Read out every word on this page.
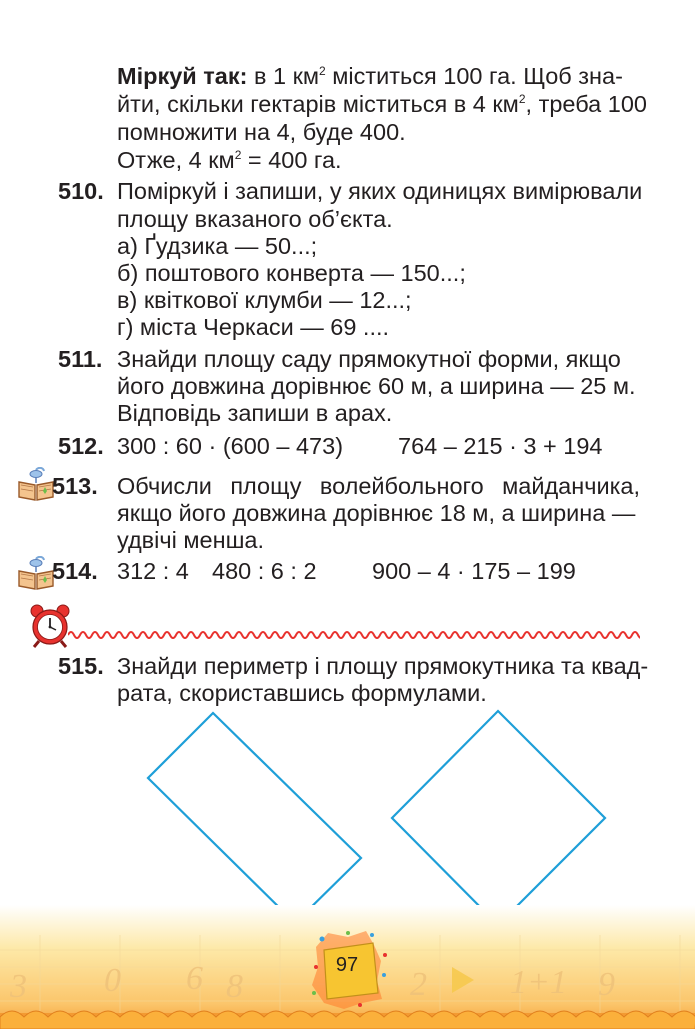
Міркуй так: в 1 $км^2$ міститься 100 га. Щоб зна-
йти, скільки гектарів міститься в 4 $км^2$, треба 100
помножити на 4, буде 400.
Отже, 4 $км^2 = 400$ га.
510. Поміркуй і запиши, у яких одиницях вимірювали
площу вказаного об’єкта.
а) Ґудзика — 50...;
б) поштового конверта — 150...;
в) квіткової клумби — 12...;
г) міста Черкаси — 69 ....
511. Знайди площу саду прямокутної форми, якщо
його довжина дорівнює 60 м, а ширина — 25 м.
Відповідь запиши в арах.
512. 300 : 60 · (600 – 473) 764 – 215 · 3 + 194
513. Обчисли площу волейбольного майданчика,
якщо його довжина дорівнює 18 м, а ширина —
удвічі менша.
514. 312 : 4 480 : 6 : 2 900 – 4 · 175 – 199
515. Знайди периметр і площу прямокутника та квад-
рата, скориставшись формулами.
3 0 6 8	2 1+1 9
97
